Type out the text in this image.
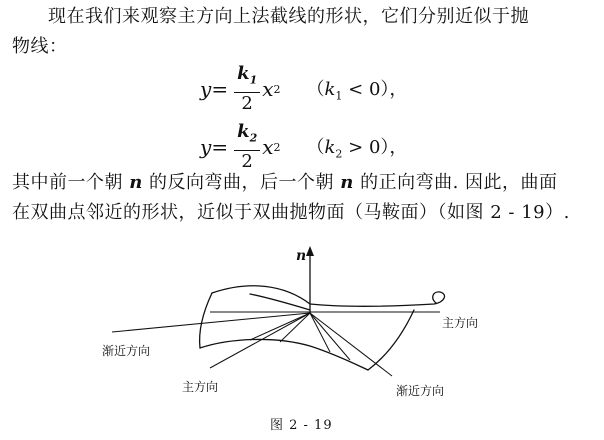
现在我们来观察主方向上法截线的形状，它们分别近似于抛
物线：
$y = \frac{k_1}{2}$ x 2 $(k_1 < 0)$，
$y = \frac{k_2}{2}$ x 2 $(k_2 > 0)$，
其中前一个朝 n 的反向弯曲，后一个朝 n 的正向弯曲. 因此，曲面
在双曲点邻近的形状，近似于双曲抛物面（马鞍面）（如图 2 - 19）.
n
主方向
渐近方向
主方向	渐近方向
图 2 - 19
